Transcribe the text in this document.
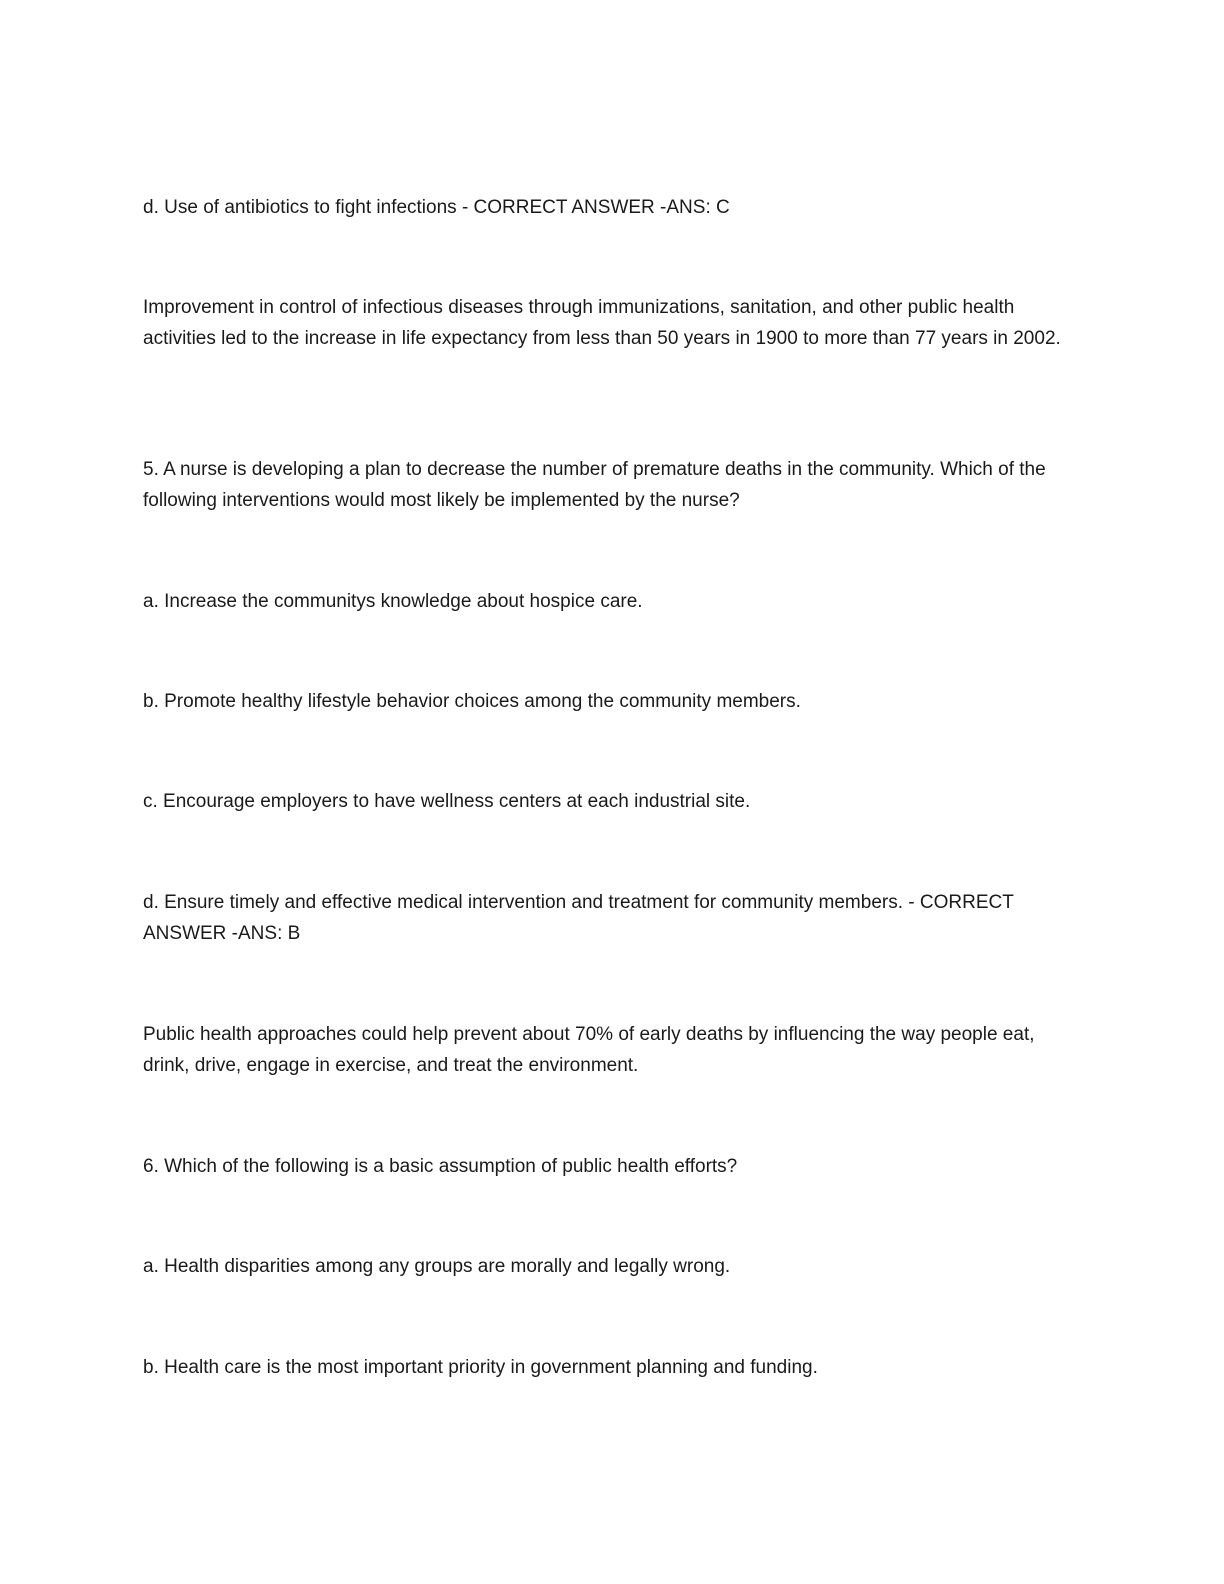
d. Use of antibiotics to fight infections - CORRECT ANSWER -ANS: C

Improvement in control of infectious diseases through immunizations, sanitation, and other public health activities led to the increase in life expectancy from less than 50 years in 1900 to more than 77 years in 2002.

5. A nurse is developing a plan to decrease the number of premature deaths in the community. Which of the following interventions would most likely be implemented by the nurse?

a. Increase the communitys knowledge about hospice care.

b. Promote healthy lifestyle behavior choices among the community members.

c. Encourage employers to have wellness centers at each industrial site.

d. Ensure timely and effective medical intervention and treatment for community members. - CORRECT ANSWER -ANS: B

Public health approaches could help prevent about 70% of early deaths by influencing the way people eat, drink, drive, engage in exercise, and treat the environment.

6. Which of the following is a basic assumption of public health efforts?

a. Health disparities among any groups are morally and legally wrong.

b. Health care is the most important priority in government planning and funding.
